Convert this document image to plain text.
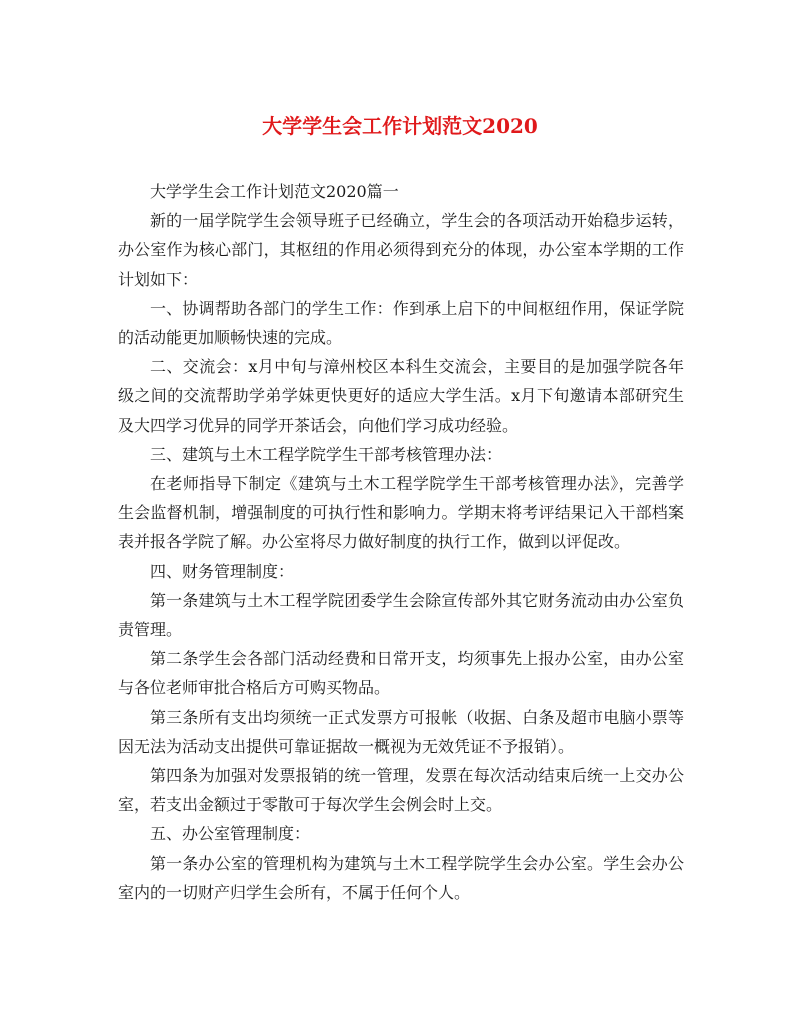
大学学生会工作计划范文2020

大学学生会工作计划范文2020篇一

新的一届学院学生会领导班子已经确立，学生会的各项活动开始稳步运转，办公室作为核心部门，其枢纽的作用必须得到充分的体现，办公室本学期的工作计划如下：

一、协调帮助各部门的学生工作：作到承上启下的中间枢纽作用，保证学院的活动能更加顺畅快速的完成。

二、交流会：x月中旬与漳州校区本科生交流会，主要目的是加强学院各年级之间的交流帮助学弟学妹更快更好的适应大学生活。x月下旬邀请本部研究生及大四学习优异的同学开茶话会，向他们学习成功经验。

三、建筑与土木工程学院学生干部考核管理办法：

在老师指导下制定《建筑与土木工程学院学生干部考核管理办法》，完善学生会监督机制，增强制度的可执行性和影响力。学期末将考评结果记入干部档案表并报各学院了解。办公室将尽力做好制度的执行工作，做到以评促改。

四、财务管理制度：

第一条建筑与土木工程学院团委学生会除宣传部外其它财务流动由办公室负责管理。

第二条学生会各部门活动经费和日常开支，均须事先上报办公室，由办公室与各位老师审批合格后方可购买物品。

第三条所有支出均须统一正式发票方可报帐（收据、白条及超市电脑小票等因无法为活动支出提供可靠证据故一概视为无效凭证不予报销）。

第四条为加强对发票报销的统一管理，发票在每次活动结束后统一上交办公室，若支出金额过于零散可于每次学生会例会时上交。

五、办公室管理制度：

第一条办公室的管理机构为建筑与土木工程学院学生会办公室。学生会办公室内的一切财产归学生会所有，不属于任何个人。
